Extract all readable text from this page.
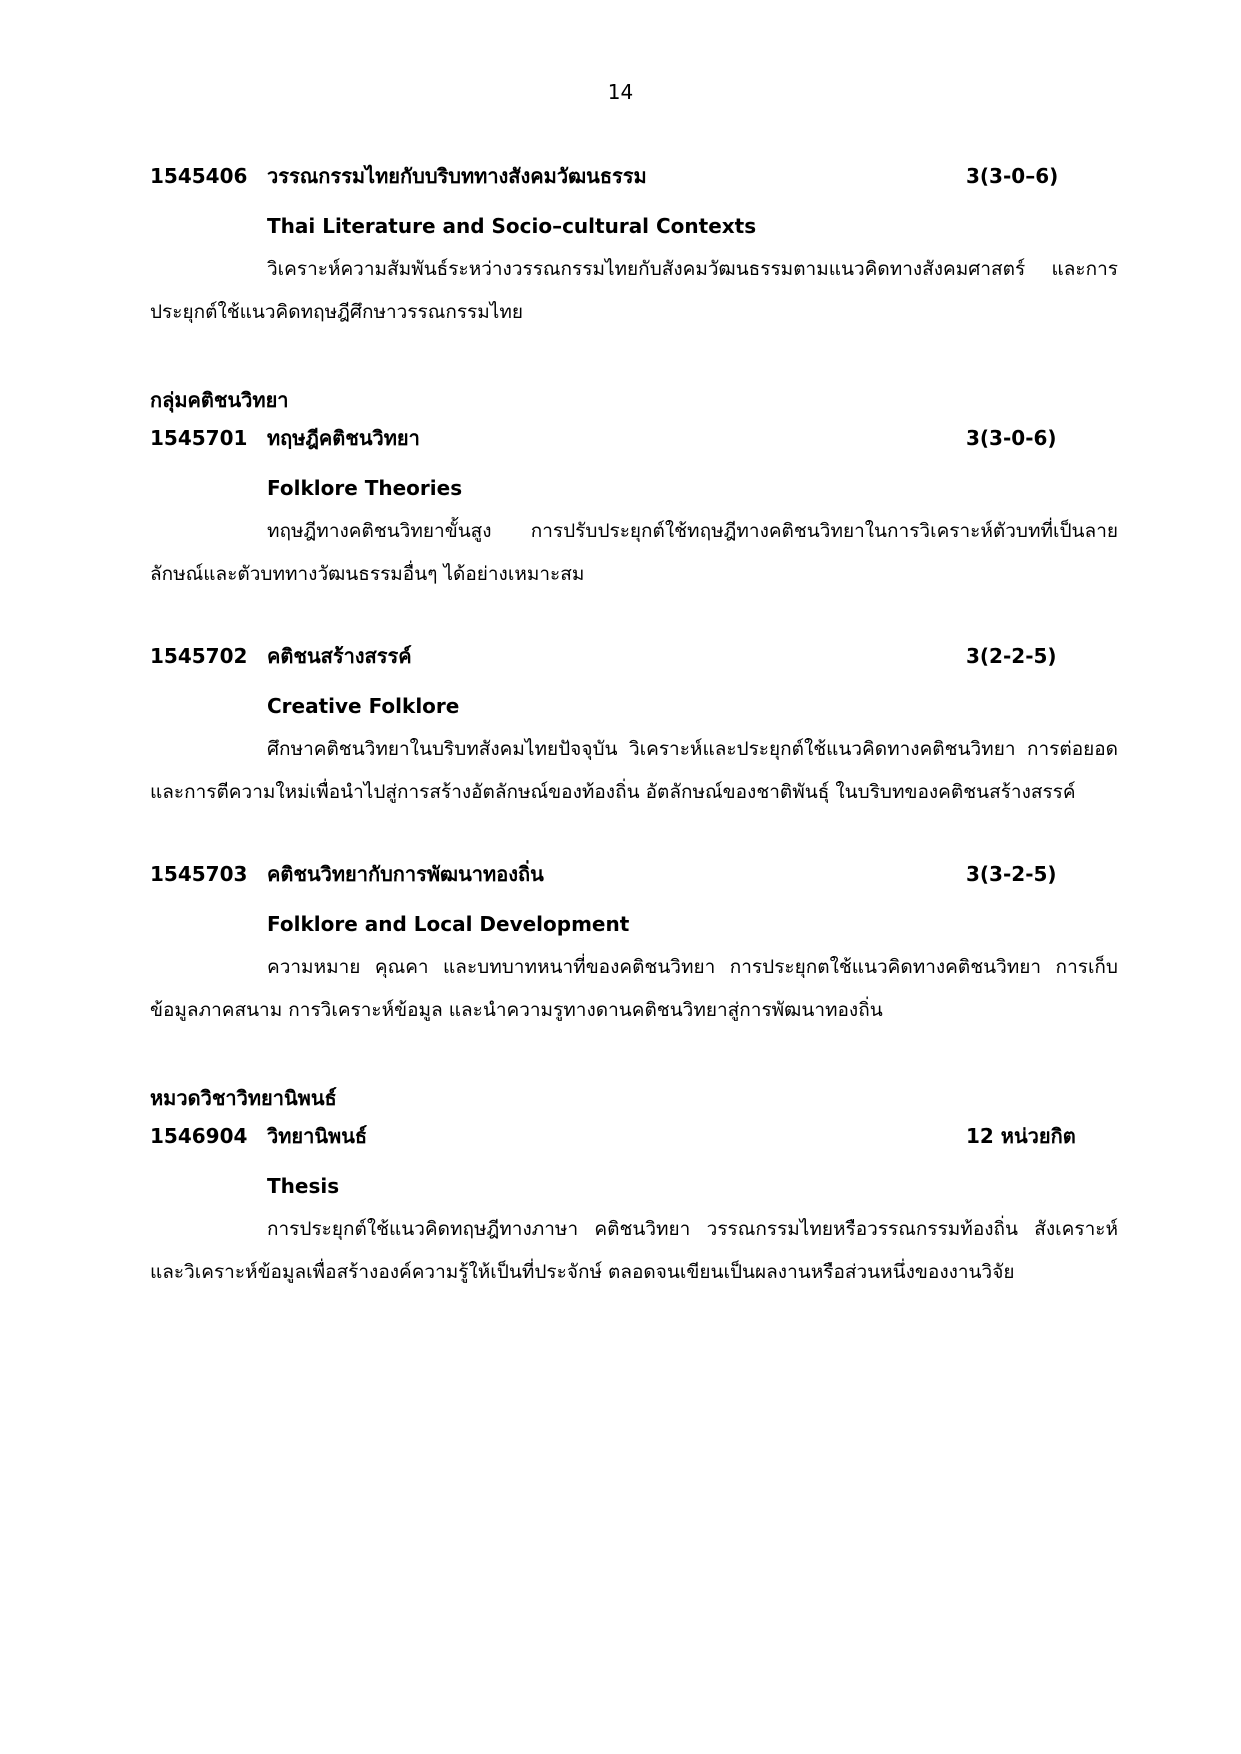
14
1545406 วรรณกรรมไทยกับบริบททางสังคมวัฒนธรรม	3(3-0–6)
Thai Literature and Socio–cultural Contexts

วิเคราะห์ความสัมพันธ์ระหว่างวรรณกรรมไทยกับสังคมวัฒนธรรมตามแนวคิดทางสังคมศาสตร์ และการประยุกต์ใช้แนวคิดทฤษฎีศึกษาวรรณกรรมไทย

กลุ่มคติชนวิทยา
1545701 ทฤษฎีคติชนวิทยา	3(3-0-6)
Folklore Theories

ทฤษฎีทางคติชนวิทยาขั้นสูง การปรับประยุกต์ใช้ทฤษฎีทางคติชนวิทยาในการวิเคราะห์ตัวบทที่เป็นลายลักษณ์และตัวบททางวัฒนธรรมอื่นๆ ได้อย่างเหมาะสม

1545702 คติชนสร้างสรรค์	3(2-2-5)
Creative Folklore

ศึกษาคติชนวิทยาในบริบทสังคมไทยปัจจุบัน วิเคราะห์และประยุกต์ใช้แนวคิดทางคติชนวิทยา การต่อยอดและการตีความใหม่เพื่อนำไปสู่การสร้างอัตลักษณ์ของท้องถิ่น อัตลักษณ์ของชาติพันธุ์ ในบริบทของคติชนสร้างสรรค์

1545703 คติชนวิทยากับการพัฒนาทองถิ่น	3(3-2-5)
Folklore and Local Development

ความหมาย คุณคา และบทบาทหนาที่ของคติชนวิทยา การประยุกตใช้แนวคิดทางคติชนวิทยา การเก็บข้อมูลภาคสนาม การวิเคราะห์ข้อมูล และนำความรูทางดานคติชนวิทยาสู่การพัฒนาทองถิ่น

หมวดวิชาวิทยานิพนธ์
1546904 วิทยานิพนธ์	12 หน่วยกิต
Thesis

การประยุกต์ใช้แนวคิดทฤษฎีทางภาษา คติชนวิทยา วรรณกรรมไทยหรือวรรณกรรมท้องถิ่น สังเคราะห์และวิเคราะห์ข้อมูลเพื่อสร้างองค์ความรู้ให้เป็นที่ประจักษ์ ตลอดจนเขียนเป็นผลงานหรือส่วนหนึ่งของงานวิจัย
